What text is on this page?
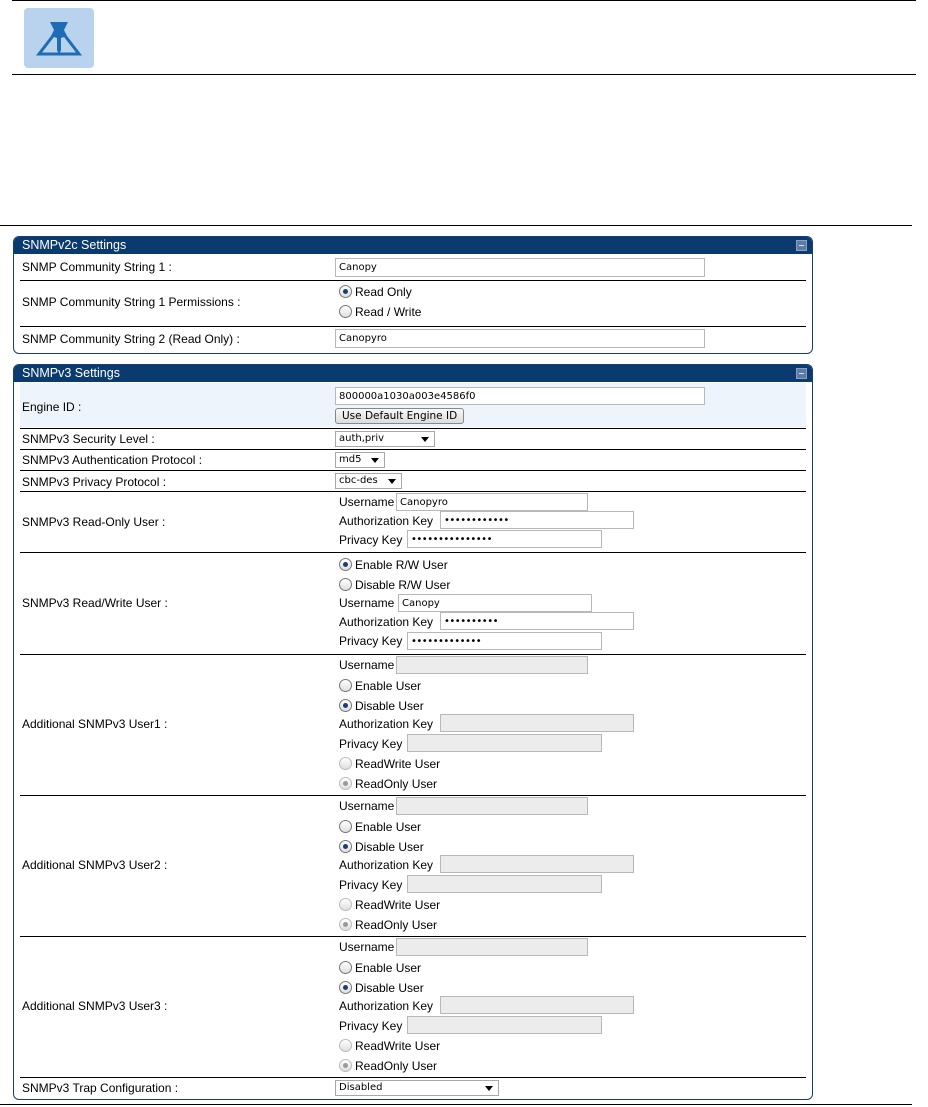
SNMPv2c Settings
SNMP Community String 1 :
Canopy
SNMP Community String 1 Permissions :
Read Only
Read / Write
SNMP Community String 2 (Read Only) :
Canopyro
SNMPv3 Settings
Engine ID :
800000a1030a003e4586f0
Use Default Engine ID
SNMPv3 Security Level :	auth,priv
SNMPv3 Authentication Protocol :	md5
SNMPv3 Privacy Protocol :	cbc-des
SNMPv3 Read-Only User :
Username
Canopyro
Authorization Key
••••••••••••
Privacy Key
•••••••••••••••
SNMPv3 Read/Write User :
Enable R/W User
Disable R/W User
Username
Canopy
Authorization Key
••••••••••
Privacy Key
•••••••••••••
Additional SNMPv3 User1 :
Username
Enable User
Disable User
Authorization Key
Privacy Key
ReadWrite User
ReadOnly User
Additional SNMPv3 User2 :
Username
Enable User
Disable User
Authorization Key
Privacy Key
ReadWrite User
ReadOnly User
Additional SNMPv3 User3 :
Username
Enable User
Disable User
Authorization Key
Privacy Key
ReadWrite User
ReadOnly User
SNMPv3 Trap Configuration :	Disabled
